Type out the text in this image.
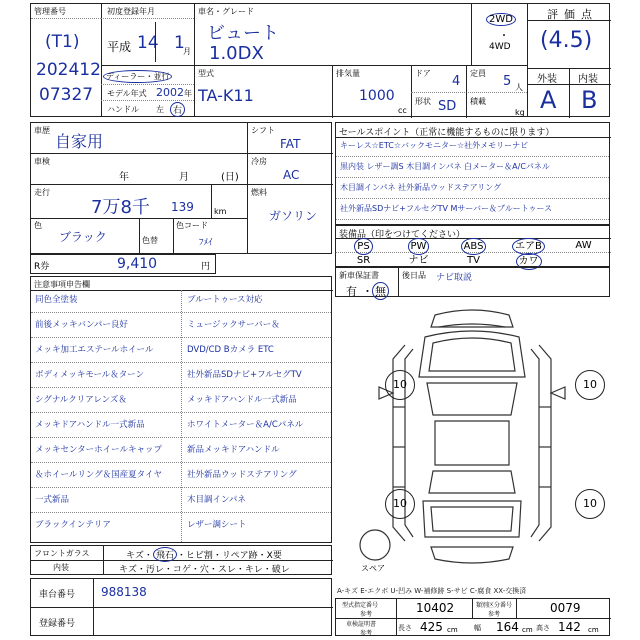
管理番号
(T1)
202412
07327
初度登録年月
平成 14 1
月
ディーラー・並行
モデル年式 2002 年
ハンドル 左	右
車名・グレード
ビュート
1.0DX
2WD
・
4WD
型式
TA-K11
排気量
1000
cc
ドア
4
定員
5 人
形状 SD 積載
kg
評価点
(4.5)
外装 内装
A B
車歴
自家用
車検
年	月	(日)
走行
7万8千 139	km
色
ブラック	色替
色コード
ﾌﾒｲ
シフト
FAT
冷房
AC
燃料
ガソリン
R券	9,410	円
注意事項申告欄
同色全塗装	ブルートゥース対応
前後メッキバンパー良好	ミュージックサーバー＆
メッキ加工エステールホイール	DVD/CD Bカメラ ETC
ボディメッキモール＆ターン	社外新品SDナビ+フルセグTV
シグナルクリアレンズ＆	メッキドアハンドル一式新品
メッキドアハンドル一式新品	ホワイトメーター＆A/Cパネル
メッキセンターホイールキャップ	新品メッキドアハンドル
＆ホイールリング＆国産夏タイヤ	社外新品ウッドステアリング
一式新品	木目調インパネ
ブラックインテリア	レザー調シート
フロントガラス	キズ・ 飛石 ・ヒビ割・リペア跡・X要
内装	キズ・汚レ・コゲ・穴・スレ・キレ・破レ
車台番号 988138
登録番号
セールスポイント（正常に機能するものに限ります）
キーレス☆ETC☆バックモニター☆社外メモリーナビ
黒内装 レザー調S 木目調インパネ 白メーター＆A/Cパネル
木目調インパネ 社外新品ウッドステアリング
社外新品SDナビ+フルセグTV Mサーバー＆ブルートゥース
装備品（印をつけてください）
PS	PW	ABS	エアB	AW
SR	ナビ	TV	カワ
新車保証書
有 ・ 無
後日品 ナビ取説
10	10
10	10
スペア
A-キズ E-エクボ U-凹み W-補修跡 S-サビ C-腐食 XX-交換済
型式指定番号
参考	10402	類別区分番号
参考	0079
車検証明書
参考
長さ 425 cm 幅 164 cm 高さ 142 cm
